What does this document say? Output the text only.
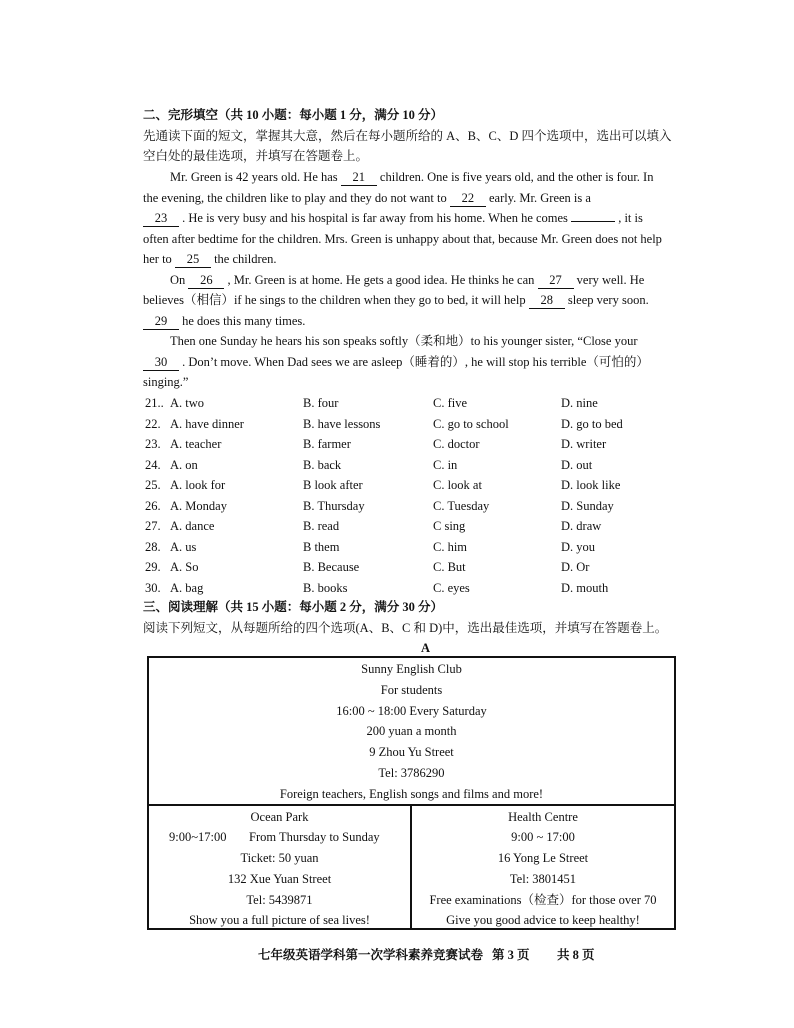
二、完形填空（共 10 小题：每小题 1 分，满分 10 分）
先通读下面的短文，掌握其大意，然后在每小题所给的 A、B、C、D 四个选项中，选出可以填入
空白处的最佳选项，并填写在答题卷上。
Mr. Green is 42 years old. He has 21 children. One is five years old, and the other is four. In
the evening, the children like to play and they do not want to 22 early. Mr. Green is a
23 . He is very busy and his hospital is far away from his home. When he comes	, it is
often after bedtime for the children. Mrs. Green is unhappy about that, because Mr. Green does not help
her to 25 the children.
On 26 , Mr. Green is at home. He gets a good idea. He thinks he can 27 very well. He
believes（相信）if he sings to the children when they go to bed, it will help 28 sleep very soon.
29 he does this many times.
Then one Sunday he hears his son speaks softly（柔和地）to his younger sister, “Close your
30 . Don’t move. When Dad sees we are asleep（睡着的）, he will stop his terrible（可怕的）
singing.”
21.. A. two	B. four	C. five	D. nine
22. A. have dinner	B. have lessons	C. go to school	D. go to bed
23. A. teacher	B. farmer	C. doctor	D. writer
24. A. on	B. back	C. in	D. out
25. A. look for	B look after	C. look at	D. look like
26. A. Monday	B. Thursday	C. Tuesday	D. Sunday
27. A. dance	B. read	C sing	D. draw
28. A. us	B them	C. him	D. you
29. A. So	B. Because	C. But	D. Or
30. A. bag	B. books	C. eyes	D. mouth
三、阅读理解（共 15 小题：每小题 2 分，满分 30 分）
阅读下列短文，从每题所给的四个选项(A、B、C 和 D)中，选出最佳选项，并填写在答题卷上。
A
Sunny English Club
For students
16:00 ~ 18:00 Every Saturday
200 yuan a month
9 Zhou Yu Street
Tel: 3786290
Foreign teachers, English songs and films and more!
Ocean Park
9:00~17:00 From Thursday to Sunday
Ticket: 50 yuan
132 Xue Yuan Street
Tel: 5439871
Show you a full picture of sea lives!
Health Centre
9:00 ~ 17:00
16 Yong Le Street
Tel: 3801451
Free examinations（检查）for those over 70
Give you good advice to keep healthy!
七年级英语学科第一次学科素养竞赛试卷 第 3 页 共 8 页
